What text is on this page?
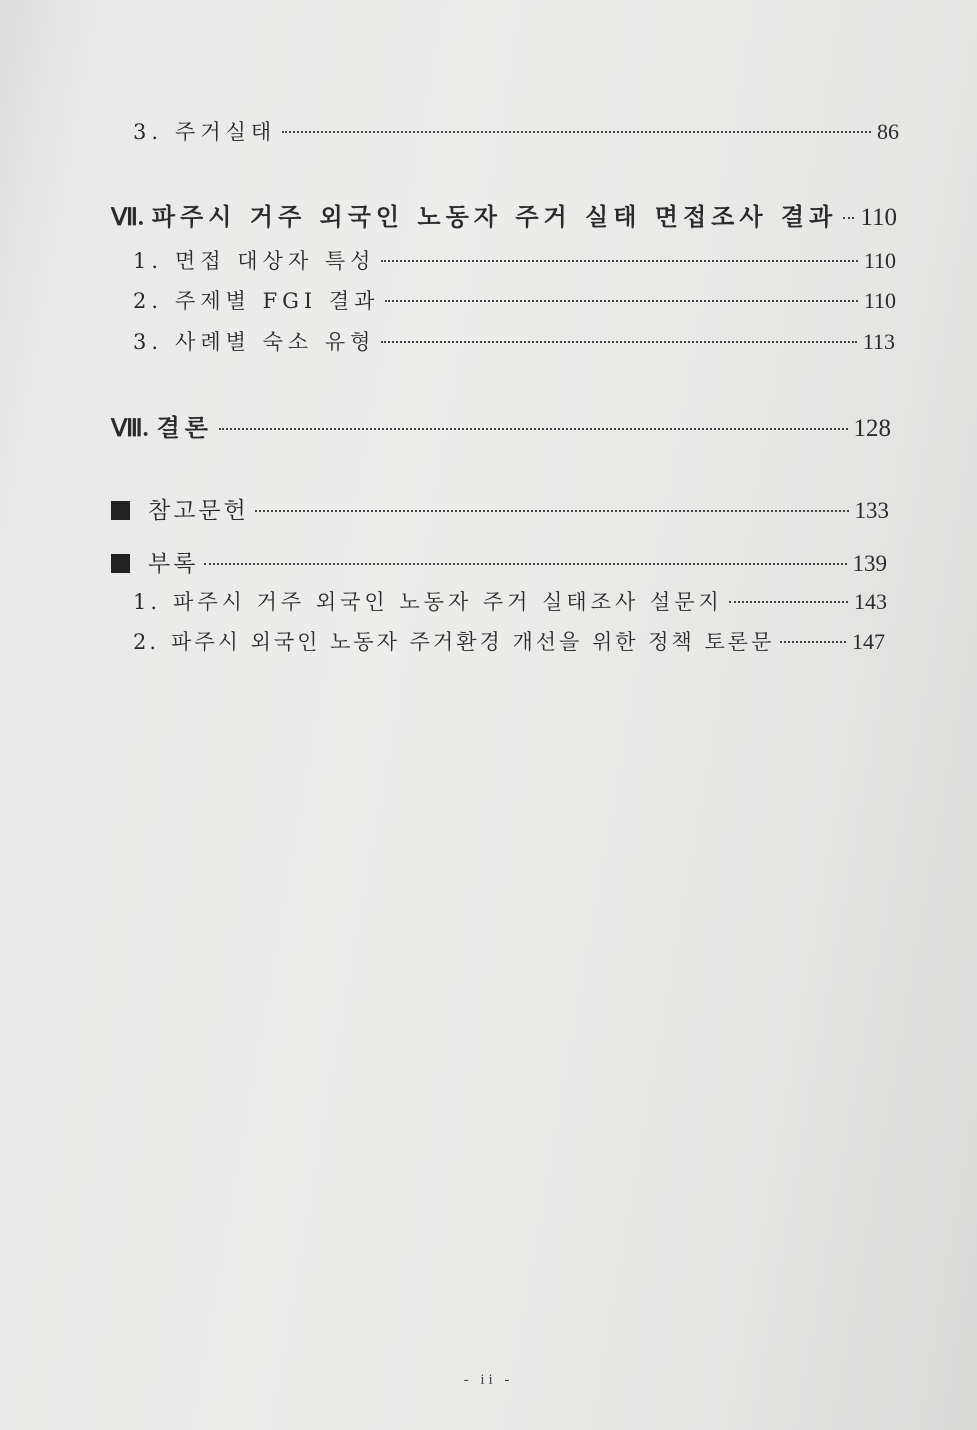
3. 주거실태	86
Ⅶ. 파주시 거주 외국인 노동자 주거 실태 면접조사 결과 110
1. 면접 대상자 특성	110
2. 주제별 FGI 결과	110
3. 사례별 숙소 유형	113
Ⅷ. 결론	128
참고문헌	133
부록	139
1. 파주시 거주 외국인 노동자 주거 실태조사 설문지	143
2. 파주시 외국인 노동자 주거환경 개선을 위한 정책 토론문	147
- ii -
